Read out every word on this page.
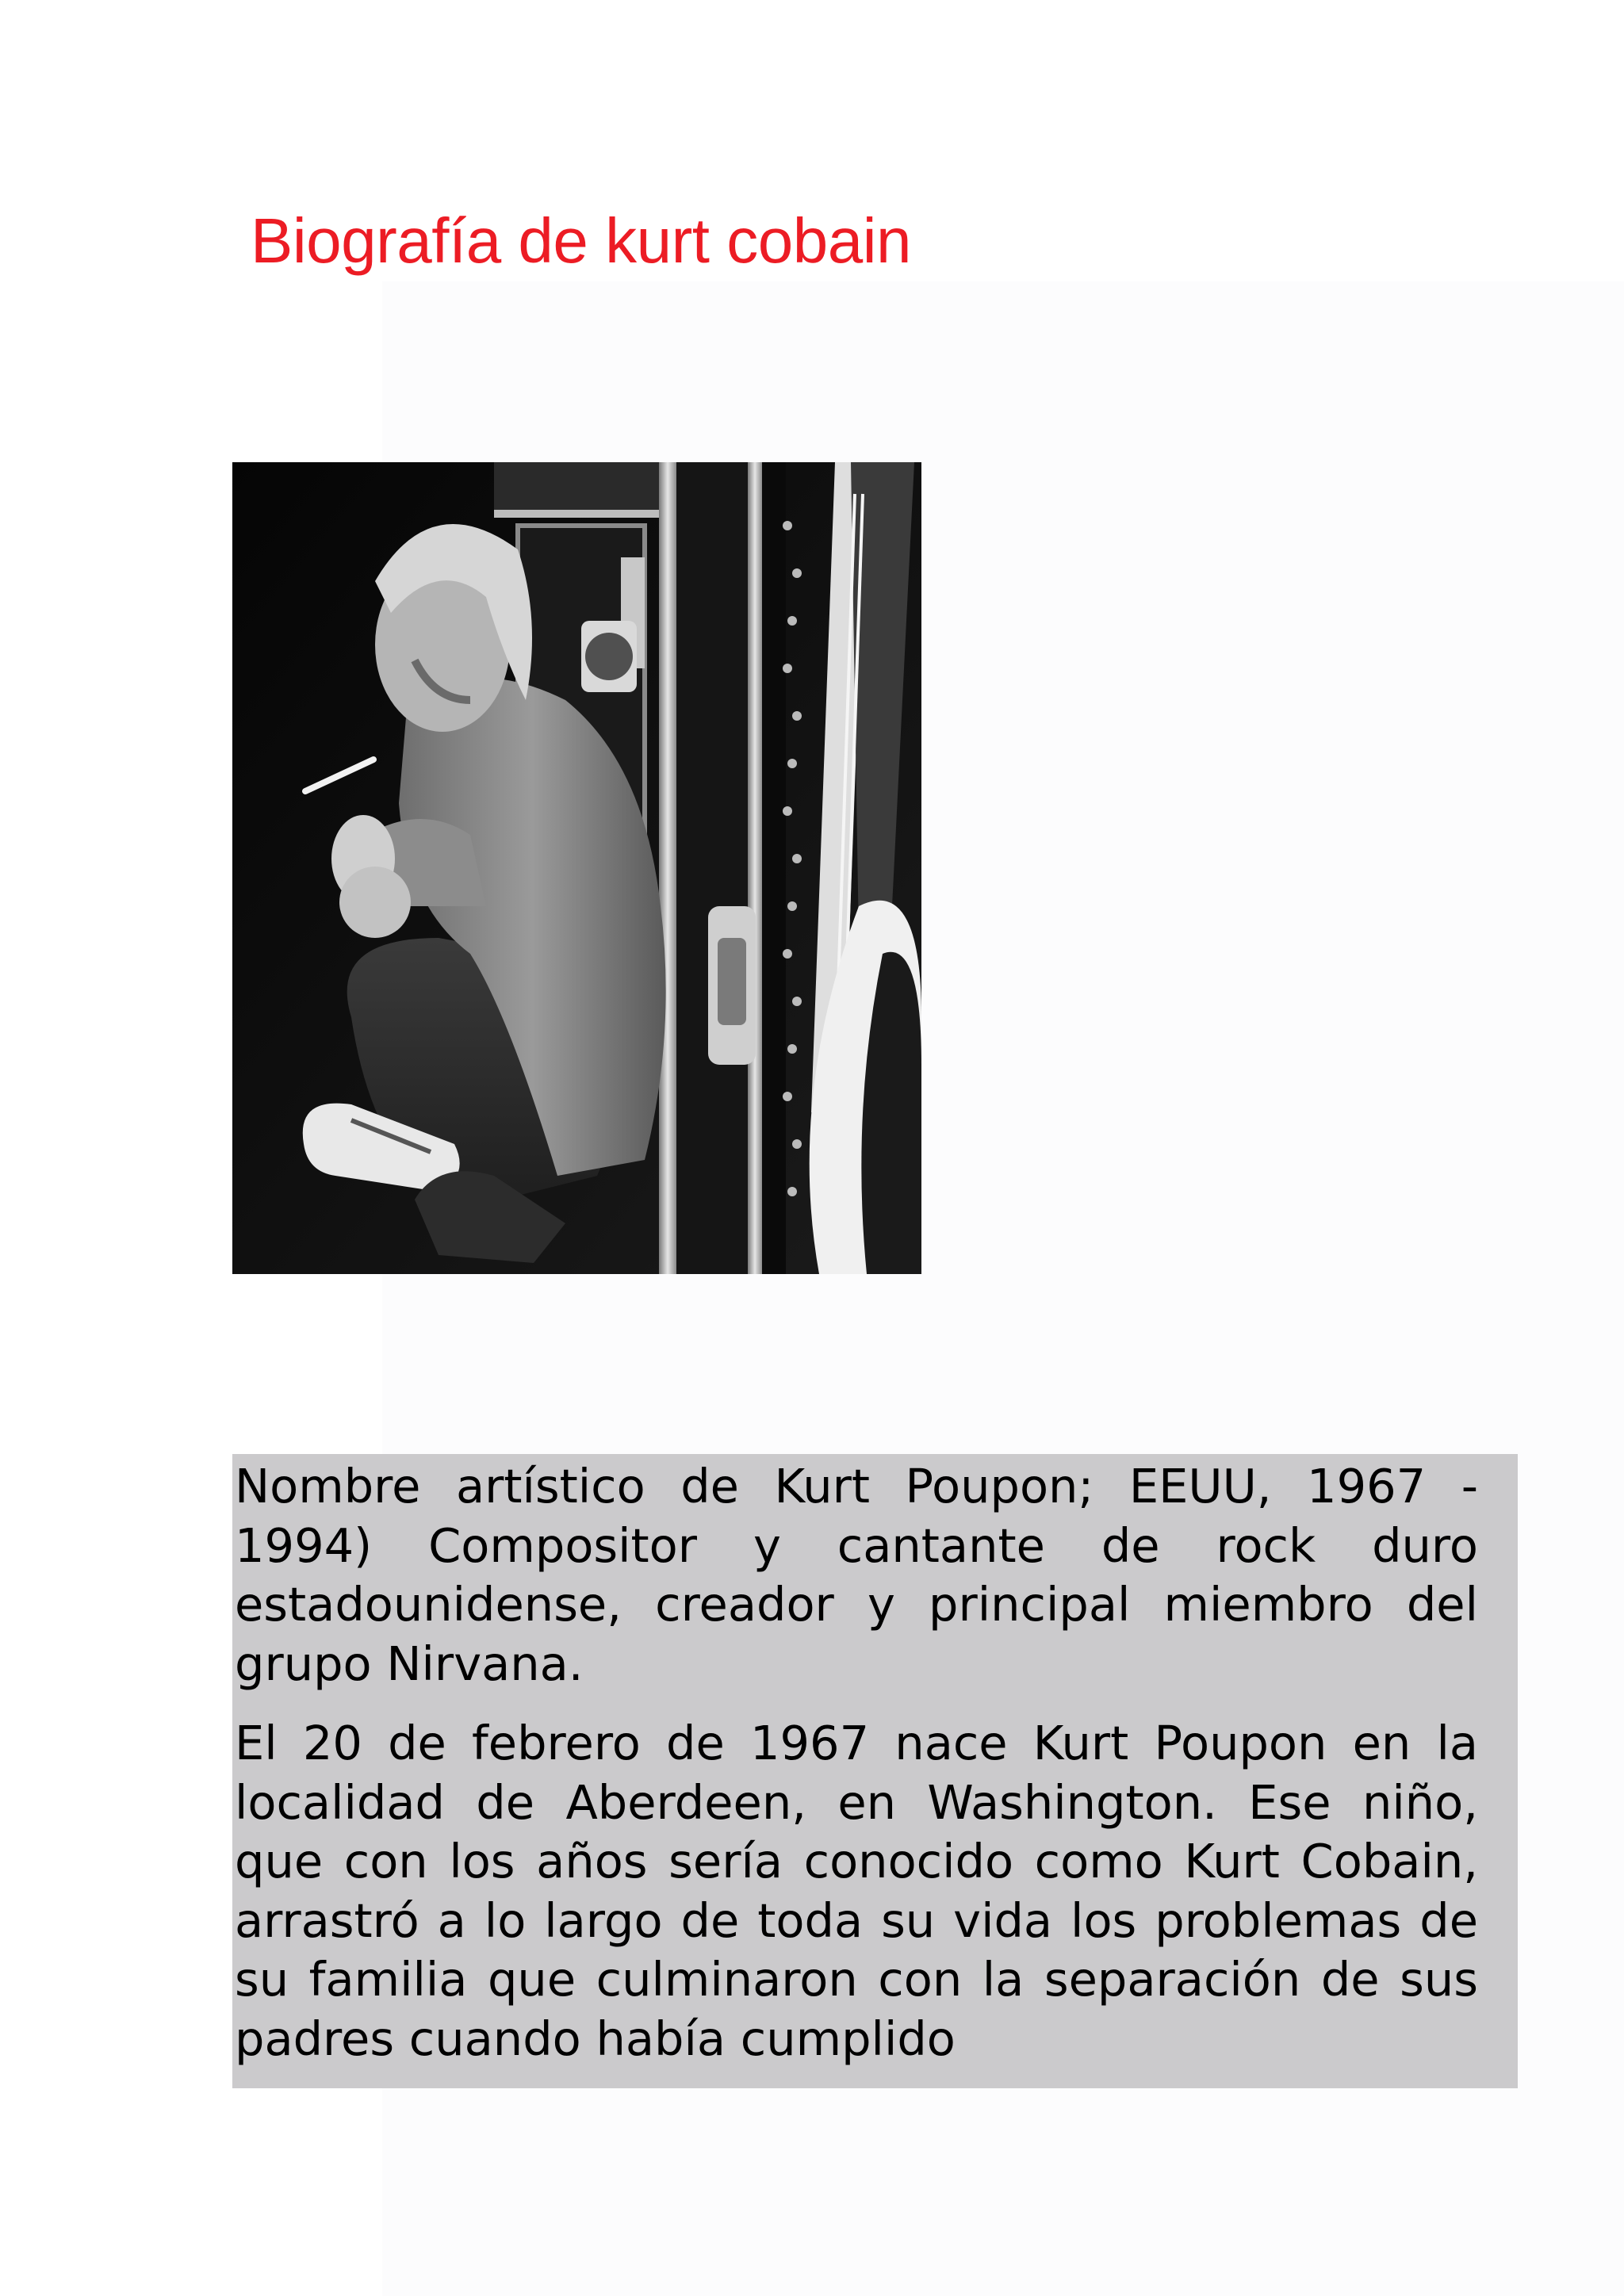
Biografía de kurt cobain

Nombre artístico de Kurt Poupon; EEUU, 1967 - 1994) Compositor y cantante de rock duro estadounidense, creador y principal miembro del grupo Nirvana.

El 20 de febrero de 1967 nace Kurt Poupon en la localidad de Aberdeen, en Washington. Ese niño, que con los años sería conocido como Kurt Cobain, arrastró a lo largo de toda su vida los problemas de su familia que culminaron con la separación de sus padres cuando había cumplido
